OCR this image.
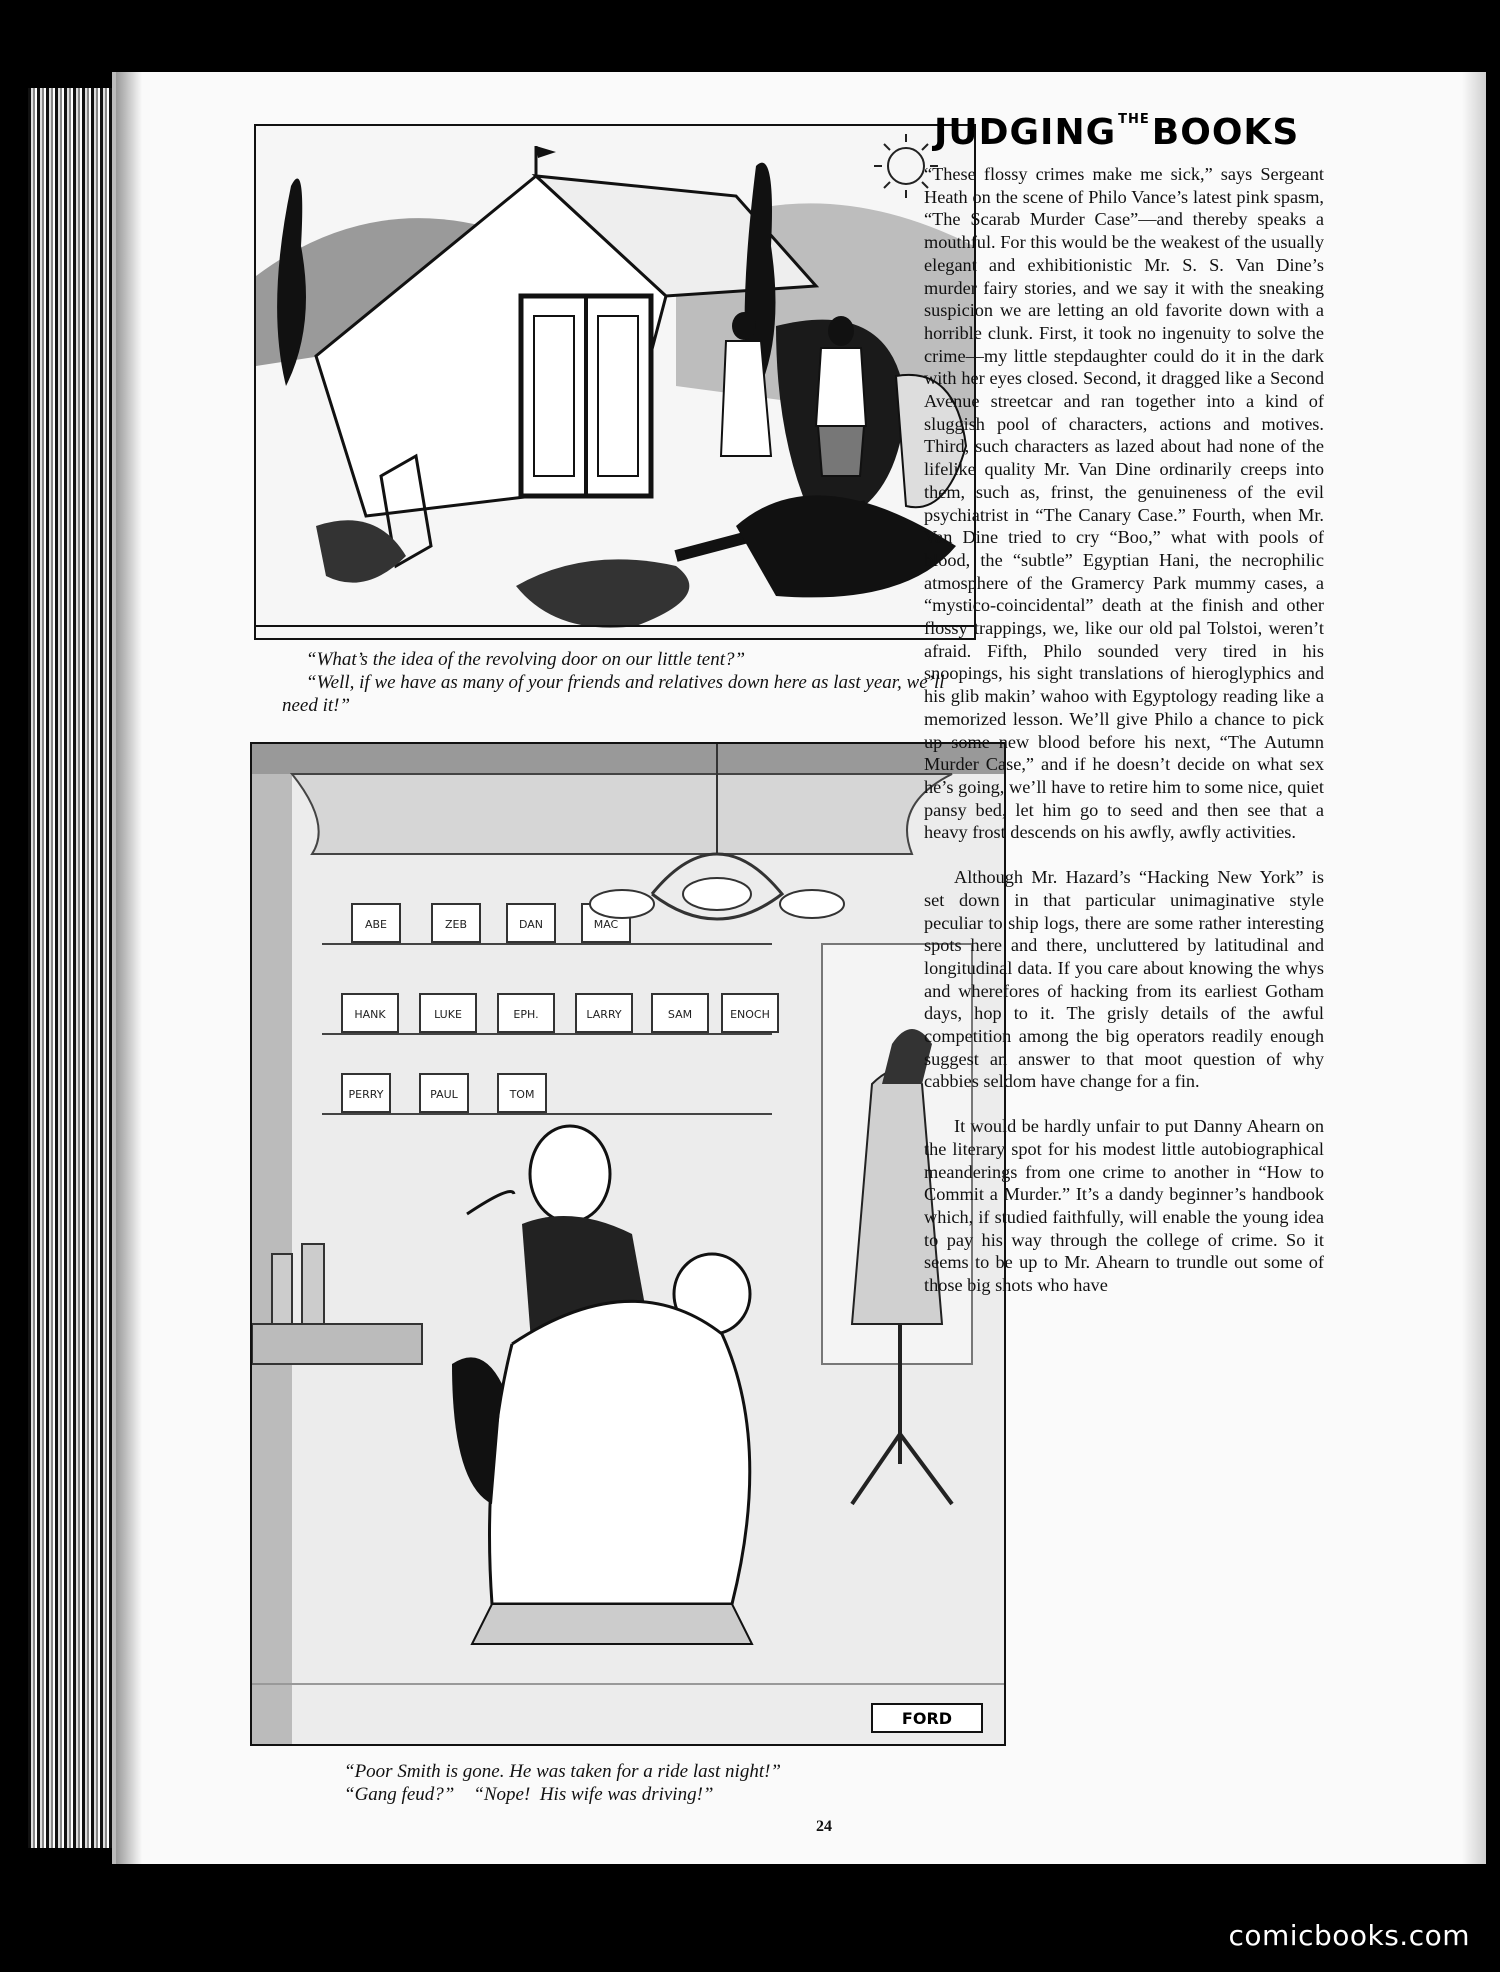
“What’s the idea of the revolving door on our little tent?”

“Well, if we have as many of your friends and relatives down here as last year, we’ll need it!”

ABE	ZEB	DAN	MAC
HANK	LUKE	EPH.	LARRY	SAM	ENOCH
PERRY	PAUL	TOM
FORD

“Poor Smith is gone. He was taken for a ride last night!”

“Gang feud?”    “Nope!  His wife was driving!”

24
JUDGING $^{THE}$BOOKS

“These flossy crimes make me sick,” says Sergeant Heath on the scene of Philo Vance’s latest pink spasm, “The Scarab Murder Case”—and thereby speaks a mouthful. For this would be the weakest of the usually elegant and exhibitionistic Mr. S. S. Van Dine’s murder fairy stories, and we say it with the sneaking suspicion we are letting an old favorite down with a horrible clunk. First, it took no ingenuity to solve the crime—my little stepdaughter could do it in the dark with her eyes closed. Second, it dragged like a Second Avenue streetcar and ran together into a kind of sluggish pool of characters, actions and motives. Third, such characters as lazed about had none of the lifelike quality Mr. Van Dine ordinarily creeps into them, such as, frinst, the genuineness of the evil psychiatrist in “The Canary Case.” Fourth, when Mr. Van Dine tried to cry “Boo,” what with pools of blood, the “subtle” Egyptian Hani, the necrophilic atmosphere of the Gramercy Park mummy cases, a “mystico-coincidental” death at the finish and other flossy trappings, we, like our old pal Tolstoi, weren’t afraid. Fifth, Philo sounded very tired in his snoopings, his sight translations of hieroglyphics and his glib makin’ wahoo with Egyptology reading like a memorized lesson. We’ll give Philo a chance to pick up some new blood before his next, “The Autumn Murder Case,” and if he doesn’t decide on what sex he’s going, we’ll have to retire him to some nice, quiet pansy bed, let him go to seed and then see that a heavy frost descends on his awfly, awfly activities.

Although Mr. Hazard’s “Hacking New York” is set down in that particular unimaginative style peculiar to ship logs, there are some rather interesting spots here and there, uncluttered by latitudinal and longitudinal data. If you care about knowing the whys and wherefores of hacking from its earliest Gotham days, hop to it. The grisly details of the awful competition among the big operators readily enough suggest an answer to that moot question of why cabbies seldom have change for a fin.

It would be hardly unfair to put Danny Ahearn on the literary spot for his modest little autobiographical meanderings from one crime to another in “How to Commit a Murder.” It’s a dandy beginner’s handbook which, if studied faithfully, will enable the young idea to pay his way through the college of crime. So it seems to be up to Mr. Ahearn to trundle out some of those big shots who have

comicbooks.com
